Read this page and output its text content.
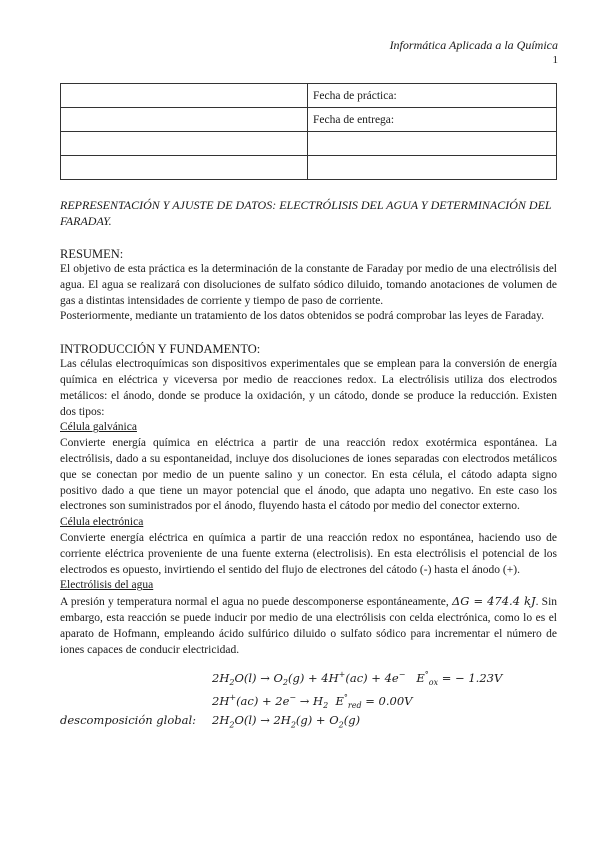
Informática Aplicada a la Química
1
	Fecha de práctica:
	Fecha de entrega:

REPRESENTACIÓN Y AJUSTE DE DATOS: ELECTRÓLISIS DEL AGUA Y DETERMINACIÓN DEL FARADAY.
RESUMEN:

El objetivo de esta práctica es la determinación de la constante de Faraday por medio de una electrólisis del agua. El agua se realizará con disoluciones de sulfato sódico diluido, tomando anotaciones de volumen de gas a distintas intensidades de corriente y tiempo de paso de corriente.

Posteriormente, mediante un tratamiento de los datos obtenidos se podrá comprobar las leyes de Faraday.

INTRODUCCIÓN Y FUNDAMENTO:

Las células electroquímicas son dispositivos experimentales que se emplean para la conversión de energía química en eléctrica y viceversa por medio de reacciones redox. La electrólisis utiliza dos electrodos metálicos: el ánodo, donde se produce la oxidación, y un cátodo, donde se produce la reducción. Existen dos tipos:

Célula galvánica

Convierte energía química en eléctrica a partir de una reacción redox exotérmica espontánea. La electrólisis, dado a su espontaneidad, incluye dos disoluciones de iones separadas con electrodos metálicos que se conectan por medio de un puente salino y un conector. En esta célula, el cátodo adapta signo positivo dado a que tiene un mayor potencial que el ánodo, que adapta uno negativo. En este caso los electrones son suministrados por el ánodo, fluyendo hasta el cátodo por medio del conector externo.

Célula electrónica

Convierte energía eléctrica en química a partir de una reacción redox no espontánea, haciendo uso de corriente eléctrica proveniente de una fuente externa (electrolisis). En esta electrólisis el potencial de los electrodos es opuesto, invirtiendo el sentido del flujo de electrones del cátodo (-) hasta el ánodo (+).

Electrólisis del agua

A presión y temperatura normal el agua no puede descomponerse espontáneamente, ΔG = 474.4 kJ. Sin embargo, esta reacción se puede inducir por medio de una electrólisis con celda electrónica, como lo es el aparato de Hofmann, empleando ácido sulfúrico diluido o sulfato sódico para incrementar el número de iones capaces de conducir electricidad.

$2H_2O(l) \to O_2(g) + 4H^+(ac) + 4e^-$   $E^\circ_{ox}$ = − 1.23V
$2H^+(ac) + 2e^- \to H_2$  $E^\circ_{red} = 0.00V$
descomposición global: $2H_2O(l) \to 2H_2(g) + O_2(g)$
